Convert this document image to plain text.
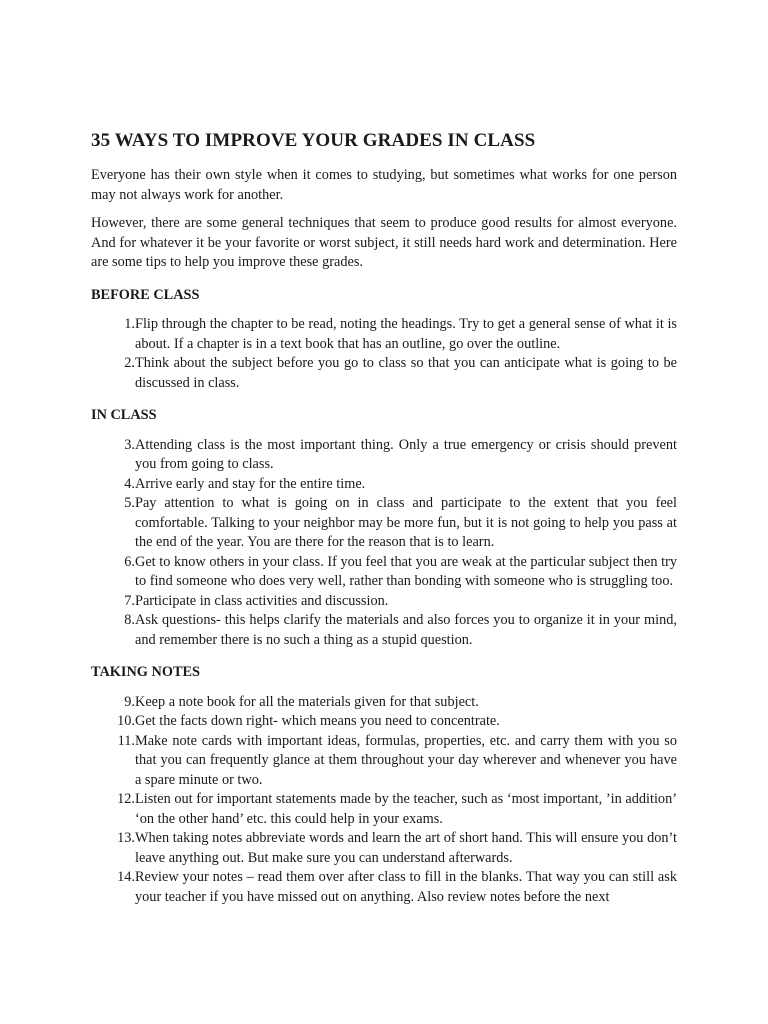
35 WAYS TO IMPROVE YOUR GRADES IN CLASS

Everyone has their own style when it comes to studying, but sometimes what works for one person may not always work for another.

However, there are some general techniques that seem to produce good results for almost everyone. And for whatever it be your favorite or worst subject, it still needs hard work and determination. Here are some tips to help you improve these grades.

BEFORE CLASS
1. Flip through the chapter to be read, noting the headings. Try to get a general sense of what it is about. If a chapter is in a text book that has an outline, go over the outline.
2. Think about the subject before you go to class so that you can anticipate what is going to be discussed in class.
IN CLASS
3. Attending class is the most important thing. Only a true emergency or crisis should prevent you from going to class.
4. Arrive early and stay for the entire time.
5. Pay attention to what is going on in class and participate to the extent that you feel comfortable. Talking to your neighbor may be more fun, but it is not going to help you pass at the end of the year. You are there for the reason that is to learn.
6. Get to know others in your class. If you feel that you are weak at the particular subject then try to find someone who does very well, rather than bonding with someone who is struggling too.
7. Participate in class activities and discussion.
8. Ask questions- this helps clarify the materials and also forces you to organize it in your mind, and remember there is no such a thing as a stupid question.
TAKING NOTES
9. Keep a note book for all the materials given for that subject.
10. Get the facts down right- which means you need to concentrate.
11. Make note cards with important ideas, formulas, properties, etc. and carry them with you so that you can frequently glance at them throughout your day wherever and whenever you have a spare minute or two.
12. Listen out for important statements made by the teacher, such as ‘most important, ’in addition’ ‘on the other hand’ etc. this could help in your exams.
13. When taking notes abbreviate words and learn the art of short hand. This will ensure you don’t leave anything out. But make sure you can understand afterwards.
14. Review your notes – read them over after class to fill in the blanks. That way you can still ask your teacher if you have missed out on anything. Also review notes before the next
